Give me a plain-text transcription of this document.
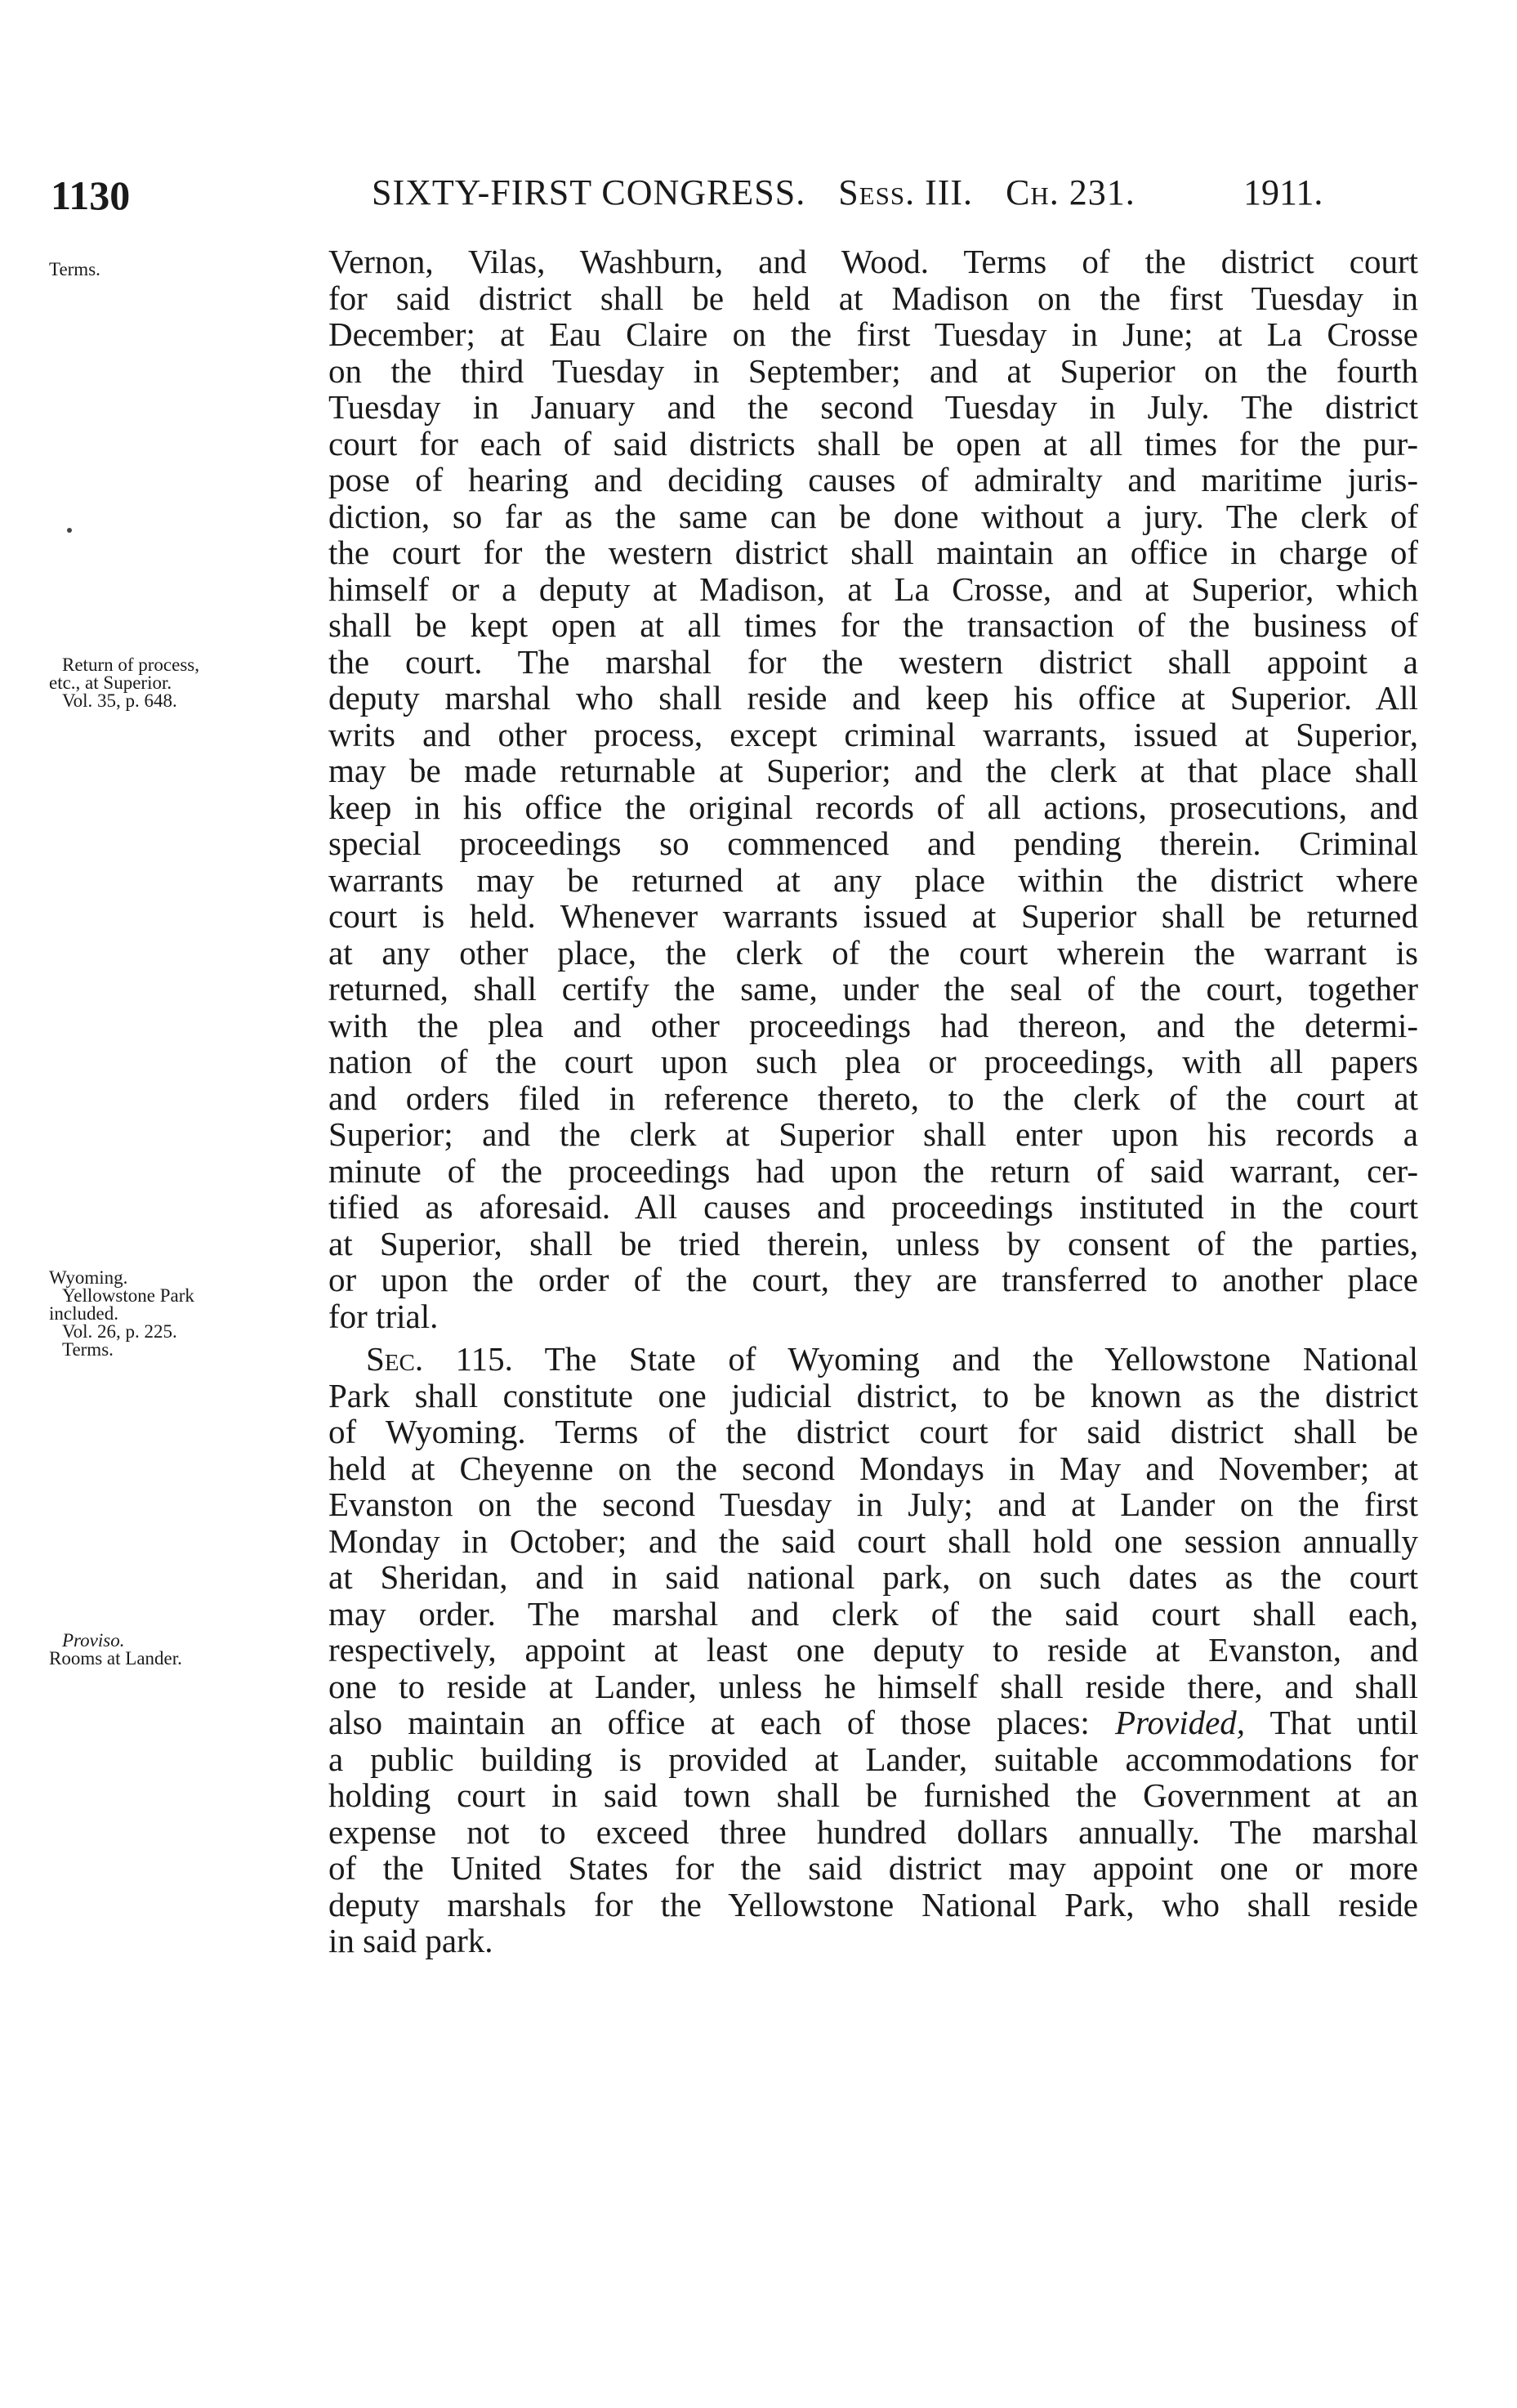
1130	SIXTY-FIRST CONGRESS. Sess. III. Ch. 231.	1911.
Terms.
Return of process,
etc., at Superior.
Vol. 35, p. 648.
Wyoming.
Yellowstone Park
included.
Vol. 26, p. 225.
Terms.
Proviso.
Rooms at Lander.
Vernon, Vilas, Washburn, and Wood. Terms of the district court
for said district shall be held at Madison on the first Tuesday in
December; at Eau Claire on the first Tuesday in June; at La Crosse
on the third Tuesday in September; and at Superior on the fourth
Tuesday in January and the second Tuesday in July. The district
court for each of said districts shall be open at all times for the pur-
pose of hearing and deciding causes of admiralty and maritime juris-
diction, so far as the same can be done without a jury. The clerk of
the court for the western district shall maintain an office in charge of
himself or a deputy at Madison, at La Crosse, and at Superior, which
shall be kept open at all times for the transaction of the business of
the court. The marshal for the western district shall appoint a
deputy marshal who shall reside and keep his office at Superior. All
writs and other process, except criminal warrants, issued at Superior,
may be made returnable at Superior; and the clerk at that place shall
keep in his office the original records of all actions, prosecutions, and
special proceedings so commenced and pending therein. Criminal
warrants may be returned at any place within the district where
court is held. Whenever warrants issued at Superior shall be returned
at any other place, the clerk of the court wherein the warrant is
returned, shall certify the same, under the seal of the court, together
with the plea and other proceedings had thereon, and the determi-
nation of the court upon such plea or proceedings, with all papers
and orders filed in reference thereto, to the clerk of the court at
Superior; and the clerk at Superior shall enter upon his records a
minute of the proceedings had upon the return of said warrant, cer-
tified as aforesaid. All causes and proceedings instituted in the court
at Superior, shall be tried therein, unless by consent of the parties,
or upon the order of the court, they are transferred to another place
for trial.
Sec. 115. The State of Wyoming and the Yellowstone National
Park shall constitute one judicial district, to be known as the district
of Wyoming. Terms of the district court for said district shall be
held at Cheyenne on the second Mondays in May and November; at
Evanston on the second Tuesday in July; and at Lander on the first
Monday in October; and the said court shall hold one session annually
at Sheridan, and in said national park, on such dates as the court
may order. The marshal and clerk of the said court shall each,
respectively, appoint at least one deputy to reside at Evanston, and
one to reside at Lander, unless he himself shall reside there, and shall
also maintain an office at each of those places: Provided, That until
a public building is provided at Lander, suitable accommodations for
holding court in said town shall be furnished the Government at an
expense not to exceed three hundred dollars annually. The marshal
of the United States for the said district may appoint one or more
deputy marshals for the Yellowstone National Park, who shall reside
in said park.
